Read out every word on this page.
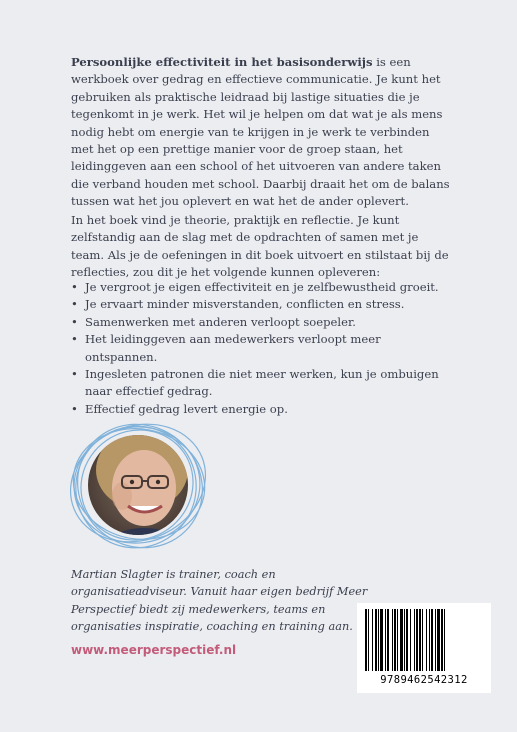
Persoonlijke effectiviteit in het basisonderwijs is een werkboek over gedrag en effectieve communicatie. Je kunt het gebruiken als praktische leidraad bij lastige situaties die je tegenkomt in je werk. Het wil je helpen om dat wat je als mens nodig hebt om energie van te krijgen in je werk te verbinden met het op een prettige manier voor de groep staan, het leidinggeven aan een school of het uitvoeren van andere taken die verband houden met school. Daarbij draait het om de balans tussen wat het jou oplevert en wat het de ander oplevert.

In het boek vind je theorie, praktijk en reflectie. Je kunt zelfstandig aan de slag met de opdrachten of samen met je team. Als je de oefeningen in dit boek uitvoert en stilstaat bij de reflecties, zou dit je het volgende kunnen opleveren:

• Je vergroot je eigen effectiviteit en je zelfbewustheid groeit.
• Je ervaart minder misverstanden, conflicten en stress.
• Samenwerken met anderen verloopt soepeler.
• Het leidinggeven aan medewerkers verloopt meer ontspannen.
• Ingesleten patronen die niet meer werken, kun je ombuigen naar effectief gedrag.
• Effectief gedrag levert energie op.

Martian Slagter is trainer, coach en organisatieadviseur. Vanuit haar eigen bedrijf Meer Perspectief biedt zij medewerkers, teams en organisaties inspiratie, coaching en training aan.

www.meerperspectief.nl

9789462542312
